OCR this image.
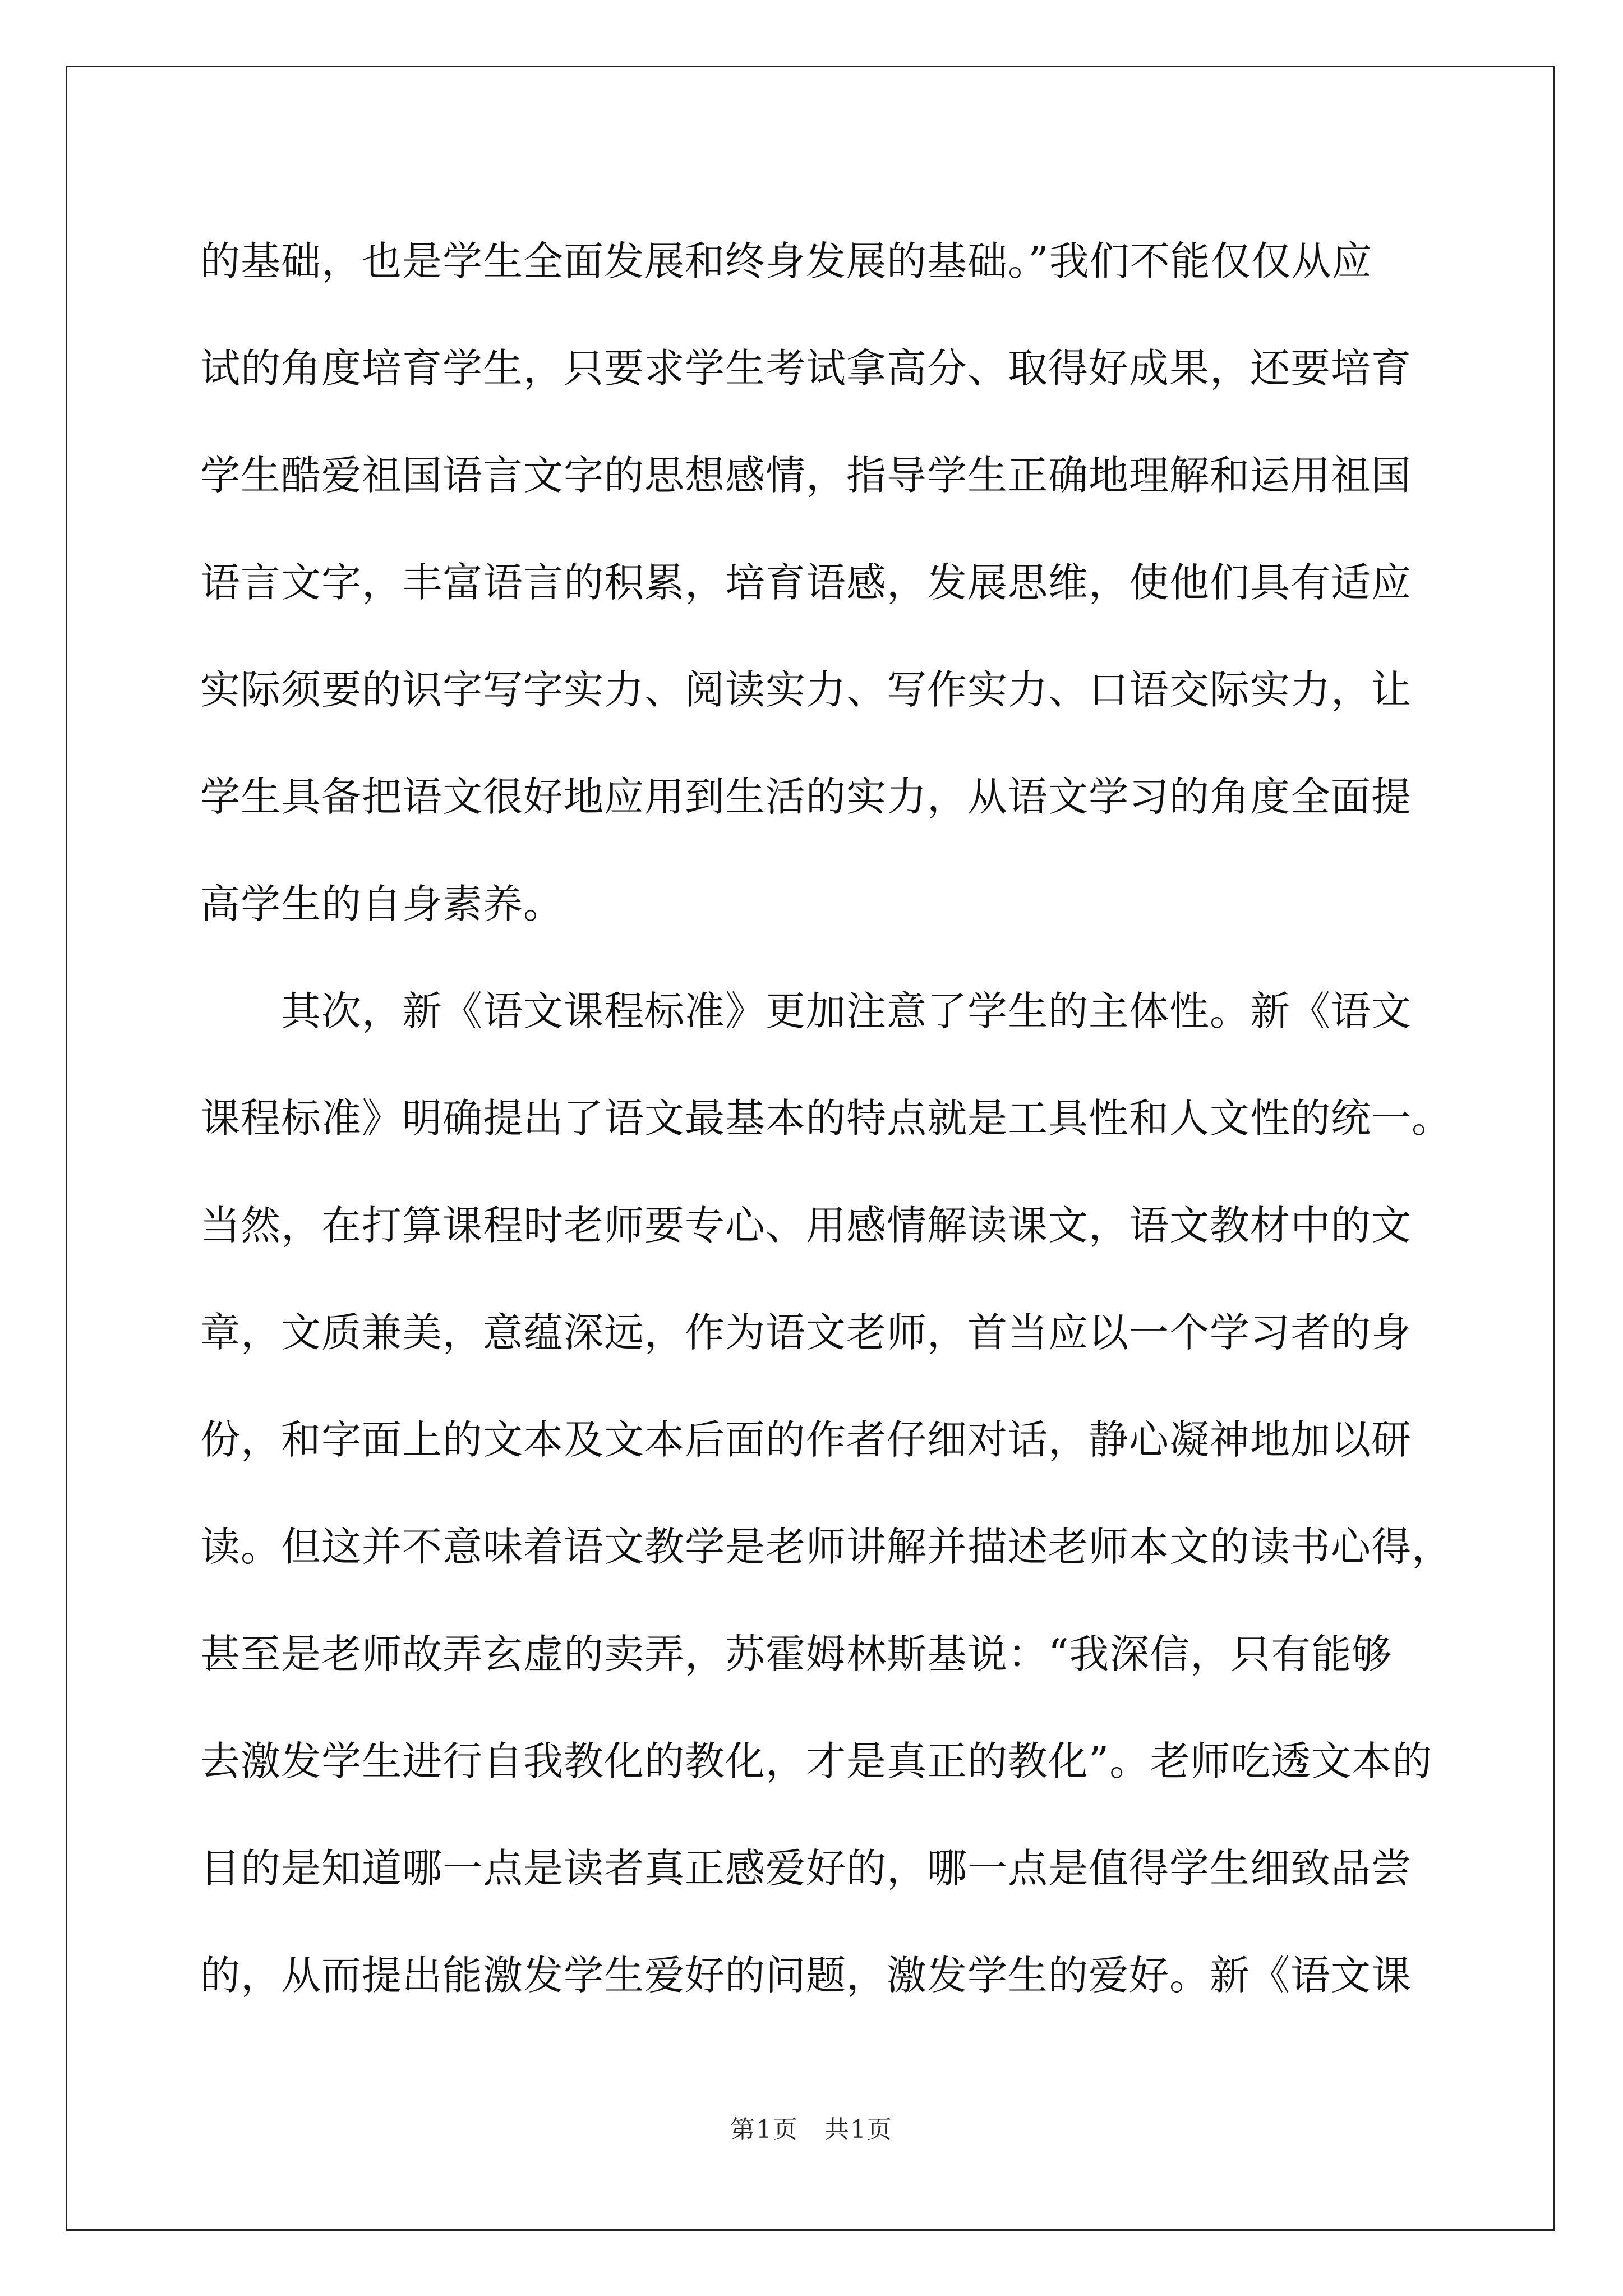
的基础，也是学生全面发展和终身发展的基础。”我们不能仅仅从应
试的角度培育学生，只要求学生考试拿高分、取得好成果，还要培育
学生酷爱祖国语言文字的思想感情，指导学生正确地理解和运用祖国
语言文字，丰富语言的积累，培育语感，发展思维，使他们具有适应
实际须要的识字写字实力、阅读实力、写作实力、口语交际实力，让
学生具备把语文很好地应用到生活的实力，从语文学习的角度全面提
高学生的自身素养。
　　其次，新《语文课程标准》更加注意了学生的主体性。新《语文
课程标准》明确提出了语文最基本的特点就是工具性和人文性的统一。
当然，在打算课程时老师要专心、用感情解读课文，语文教材中的文
章，文质兼美，意蕴深远，作为语文老师，首当应以一个学习者的身
份，和字面上的文本及文本后面的作者仔细对话，静心凝神地加以研
读。但这并不意味着语文教学是老师讲解并描述老师本文的读书心得，
甚至是老师故弄玄虚的卖弄，苏霍姆林斯基说：“我深信，只有能够
去激发学生进行自我教化的教化，才是真正的教化”。老师吃透文本的
目的是知道哪一点是读者真正感爱好的，哪一点是值得学生细致品尝
的，从而提出能激发学生爱好的问题，激发学生的爱好。新《语文课
第1页　共1页
